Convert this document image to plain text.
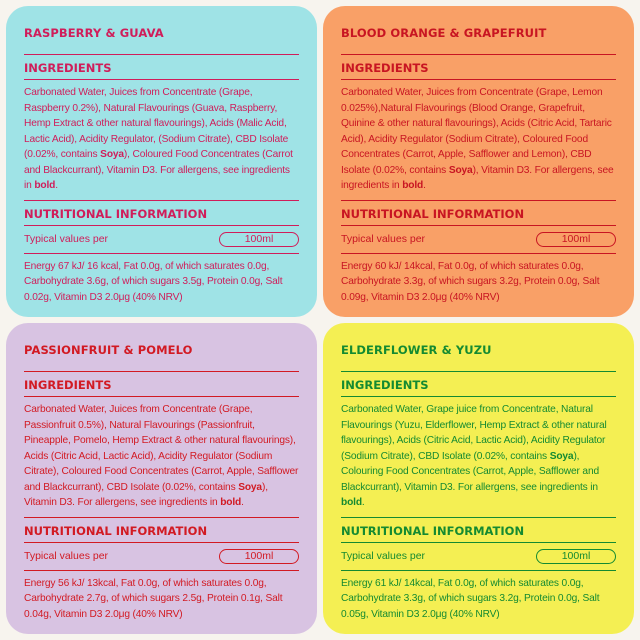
RASPBERRY & GUAVA
INGREDIENTS
Carbonated Water, Juices from Concentrate (Grape, Raspberry 0.2%), Natural Flavourings (Guava, Raspberry, Hemp Extract & other natural flavourings), Acids (Malic Acid, Lactic Acid), Acidity Regulator, (Sodium Citrate), CBD Isolate (0.02%, contains Soya), Coloured Food Concentrates (Carrot and Blackcurrant), Vitamin D3. For allergens, see ingredients in bold.
NUTRITIONAL INFORMATION
Typical values per	100ml
Energy 67 kJ/ 16 kcal, Fat 0.0g, of which saturates 0.0g, Carbohydrate 3.6g, of which sugars 3.5g, Protein 0.0g, Salt 0.02g, Vitamin D3 2.0μg (40% NRV)
BLOOD ORANGE & GRAPEFRUIT
INGREDIENTS
Carbonated Water, Juices from Concentrate (Grape, Lemon 0.025%),Natural Flavourings (Blood Orange, Grapefruit, Quinine & other natural flavourings), Acids (Citric Acid, Tartaric Acid), Acidity Regulator (Sodium Citrate), Coloured Food Concentrates (Carrot, Apple, Safflower and Lemon), CBD Isolate (0.02%, contains Soya), Vitamin D3. For allergens, see ingredients in bold.
NUTRITIONAL INFORMATION
Typical values per	100ml
Energy 60 kJ/ 14kcal, Fat 0.0g, of which saturates 0.0g, Carbohydrate 3.3g, of which sugars 3.2g, Protein 0.0g, Salt 0.09g, Vitamin D3 2.0μg (40% NRV)
PASSIONFRUIT & POMELO
INGREDIENTS
Carbonated Water, Juices from Concentrate (Grape, Passionfruit 0.5%), Natural Flavourings (Passionfruit, Pineapple, Pomelo, Hemp Extract & other natural flavourings), Acids (Citric Acid, Lactic Acid), Acidity Regulator (Sodium Citrate), Coloured Food Concentrates (Carrot, Apple, Safflower and Blackcurrant), CBD Isolate (0.02%, contains Soya), Vitamin D3. For allergens, see ingredients in bold.
NUTRITIONAL INFORMATION
Typical values per	100ml
Energy 56 kJ/ 13kcal, Fat 0.0g, of which saturates 0.0g, Carbohydrate 2.7g, of which sugars 2.5g, Protein 0.1g, Salt 0.04g, Vitamin D3 2.0μg (40% NRV)
ELDERFLOWER & YUZU
INGREDIENTS
Carbonated Water, Grape juice from Concentrate, Natural Flavourings (Yuzu, Elderflower, Hemp Extract & other natural flavourings), Acids (Citric Acid, Lactic Acid), Acidity Regulator (Sodium Citrate), CBD Isolate (0.02%, contains Soya), Colouring Food Concentrates (Carrot, Apple, Safflower and Blackcurrant), Vitamin D3. For allergens, see ingredients in bold.
NUTRITIONAL INFORMATION
Typical values per	100ml
Energy 61 kJ/ 14kcal, Fat 0.0g, of which saturates 0.0g, Carbohydrate 3.3g, of which sugars 3.2g, Protein 0.0g, Salt 0.05g, Vitamin D3 2.0μg (40% NRV)
